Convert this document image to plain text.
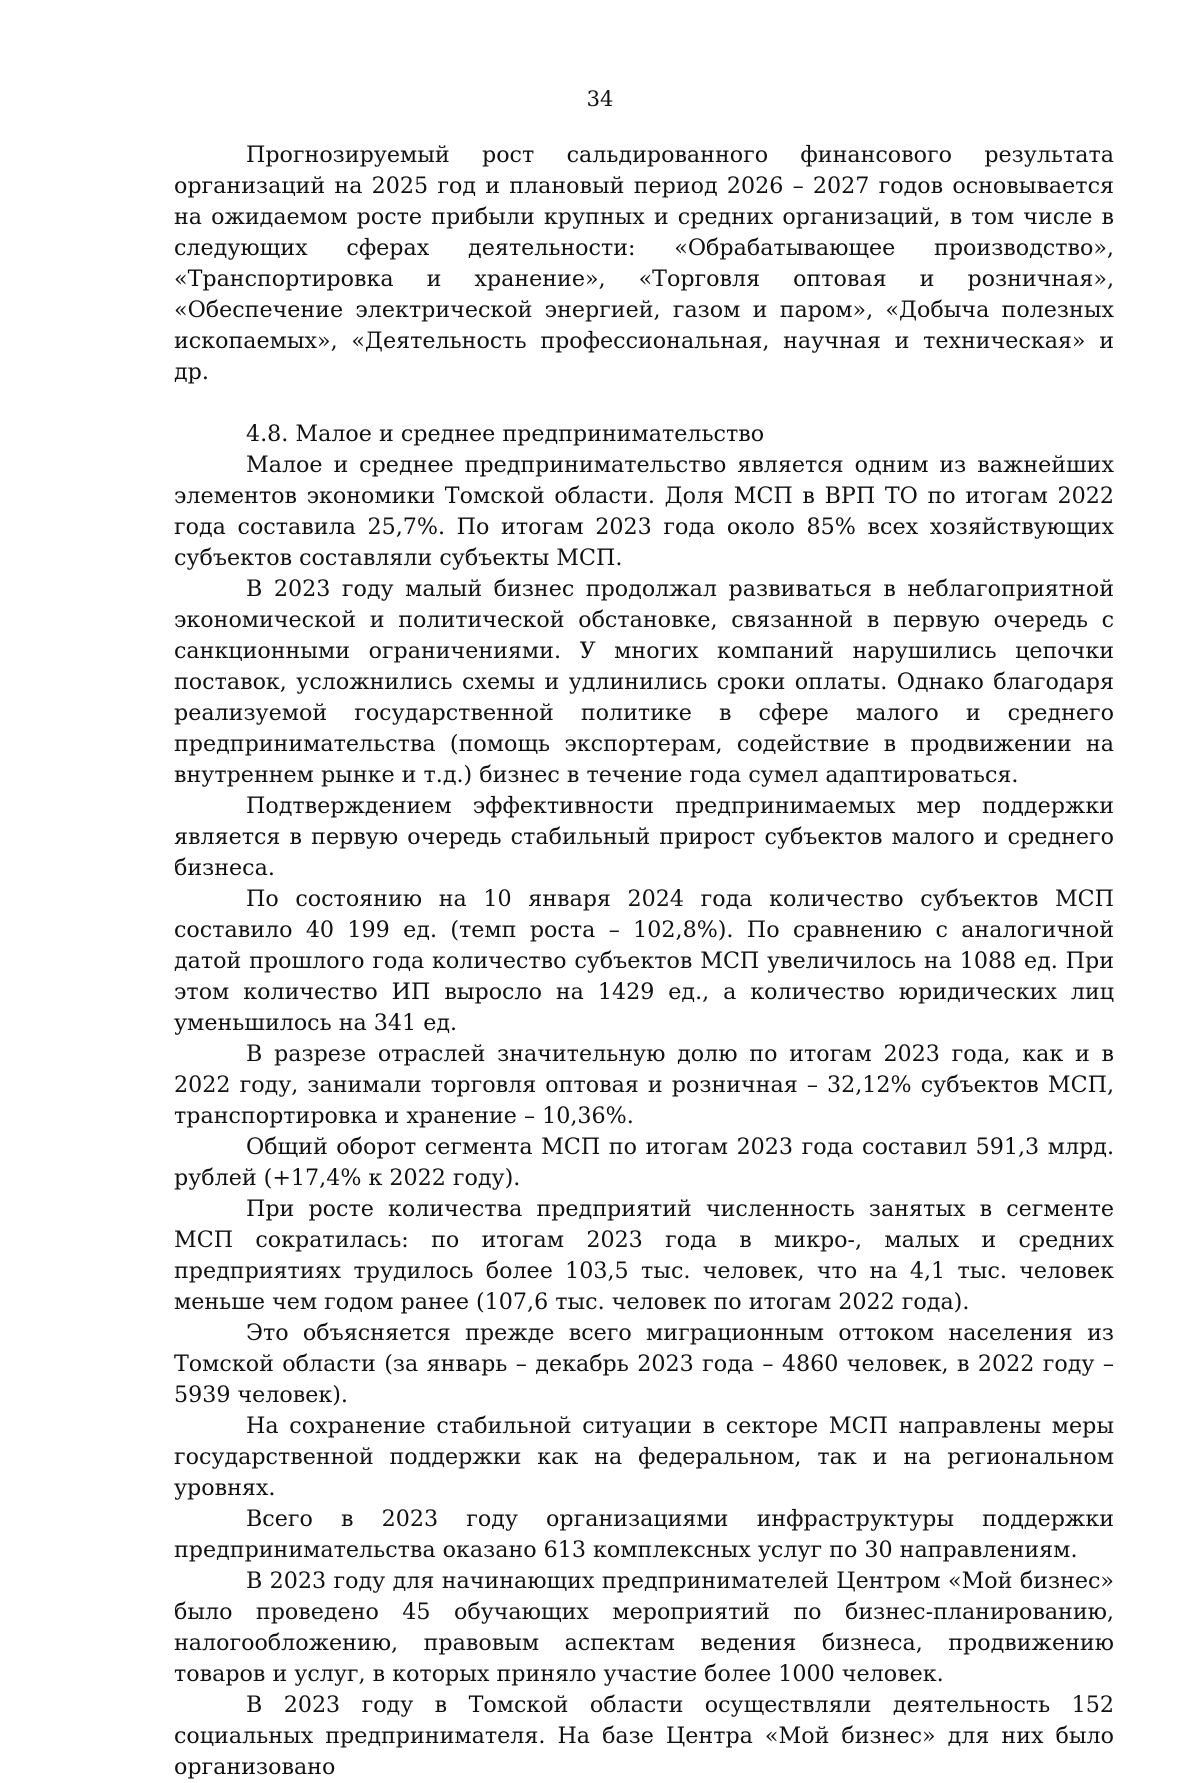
34

Прогнозируемый рост сальдированного финансового результата организаций на 2025 год и плановый период 2026 – 2027 годов основывается на ожидаемом росте прибыли крупных и средних организаций, в том числе в следующих сферах деятельности: «Обрабатывающее производство», «Транспортировка и хранение», «Торговля оптовая и розничная», «Обеспечение электрической энергией, газом и паром», «Добыча полезных ископаемых», «Деятельность профессиональная, научная и техническая» и др.

4.8. Малое и среднее предпринимательство

Малое и среднее предпринимательство является одним из важнейших элементов экономики Томской области. Доля МСП в ВРП ТО по итогам 2022 года составила 25,7%. По итогам 2023 года около 85% всех хозяйствующих субъектов составляли субъекты МСП.

В 2023 году малый бизнес продолжал развиваться в неблагоприятной экономической и политической обстановке, связанной в первую очередь с санкционными ограничениями. У многих компаний нарушились цепочки поставок, усложнились схемы и удлинились сроки оплаты. Однако благодаря реализуемой государственной политике в сфере малого и среднего предпринимательства (помощь экспортерам, содействие в продвижении на внутреннем рынке и т.д.) бизнес в течение года сумел адаптироваться.

Подтверждением эффективности предпринимаемых мер поддержки является в первую очередь стабильный прирост субъектов малого и среднего бизнеса.

По состоянию на 10 января 2024 года количество субъектов МСП составило 40 199 ед. (темп роста – 102,8%). По сравнению с аналогичной датой прошлого года количество субъектов МСП увеличилось на 1088 ед. При этом количество ИП выросло на 1429 ед., а количество юридических лиц уменьшилось на 341 ед.

В разрезе отраслей значительную долю по итогам 2023 года, как и в 2022 году, занимали торговля оптовая и розничная – 32,12% субъектов МСП, транспортировка и хранение – 10,36%.

Общий оборот сегмента МСП по итогам 2023 года составил 591,3 млрд. рублей (+17,4% к 2022 году).

При росте количества предприятий численность занятых в сегменте МСП сократилась: по итогам 2023 года в микро-, малых и средних предприятиях трудилось более 103,5 тыс. человек, что на 4,1 тыс. человек меньше чем годом ранее (107,6 тыс. человек по итогам 2022 года).

Это объясняется прежде всего миграционным оттоком населения из Томской области (за январь – декабрь 2023 года – 4860 человек, в 2022 году – 5939 человек).

На сохранение стабильной ситуации в секторе МСП направлены меры государственной поддержки как на федеральном, так и на региональном уровнях.

Всего в 2023 году организациями инфраструктуры поддержки предпринимательства оказано 613 комплексных услуг по 30 направлениям.

В 2023 году для начинающих предпринимателей Центром «Мой бизнес» было проведено 45 обучающих мероприятий по бизнес-планированию, налогообложению, правовым аспектам ведения бизнеса, продвижению товаров и услуг, в которых приняло участие более 1000 человек.

В 2023 году в Томской области осуществляли деятельность 152 социальных предпринимателя. На базе Центра «Мой бизнес» для них было организовано
